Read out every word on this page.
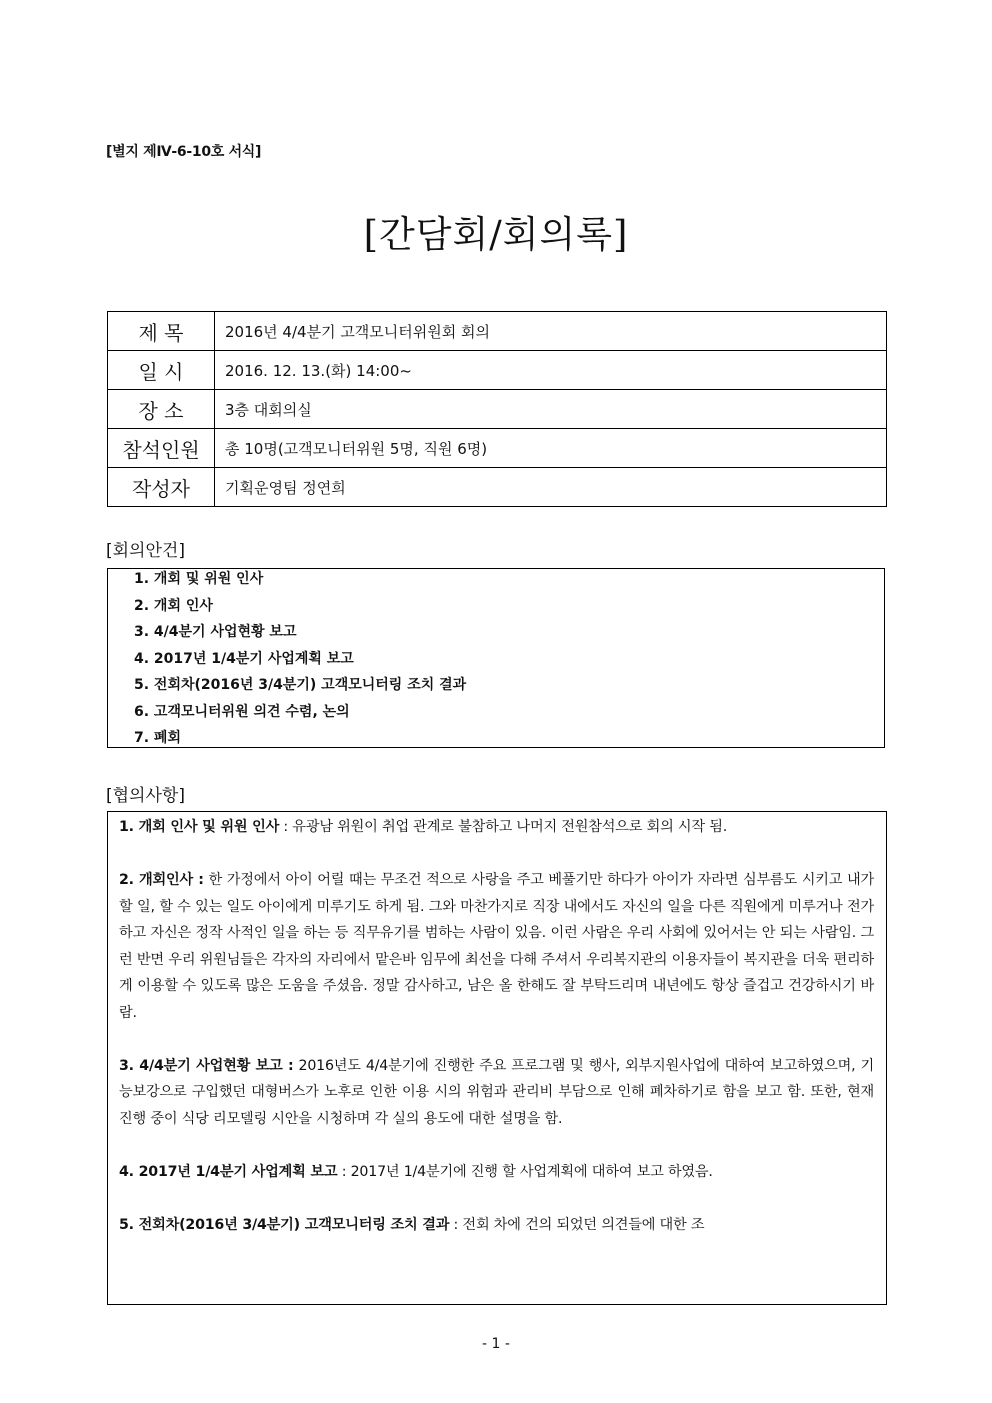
[별지 제Ⅳ-6-10호 서식]
[간담회/회의록]
제 목	2016년 4/4분기 고객모니터위원회 회의
일 시	2016. 12. 13.(화) 14:00~
장 소	3층 대회의실
참석인원	총 10명(고객모니터위원 5명, 직원 6명)
작성자	기획운영팀 정연희
[회의안건]
1. 개회 및 위원 인사
2. 개회 인사
3. 4/4분기 사업현황 보고
4. 2017년 1/4분기 사업계획 보고
5. 전회차(2016년 3/4분기) 고객모니터링 조치 결과
6. 고객모니터위원 의견 수렴, 논의
7. 폐회
[협의사항]

1. 개회 인사 및 위원 인사 : 유광남 위원이 취업 관계로 불참하고 나머지 전원참석으로 회의 시작 됨.

2. 개회인사 : 한 가정에서 아이 어릴 때는 무조건 적으로 사랑을 주고 베풀기만 하다가 아이가 자라면 심부름도 시키고 내가 할 일, 할 수 있는 일도 아이에게 미루기도 하게 됨. 그와 마찬가지로 직장 내에서도 자신의 일을 다른 직원에게 미루거나 전가하고 자신은 정작 사적인 일을 하는 등 직무유기를 범하는 사람이 있음. 이런 사람은 우리 사회에 있어서는 안 되는 사람임. 그런 반면 우리 위원님들은 각자의 자리에서 맡은바 임무에 최선을 다해 주셔서 우리복지관의 이용자들이 복지관을 더욱 편리하게 이용할 수 있도록 많은 도움을 주셨음. 정말 감사하고, 남은 올 한해도 잘 부탁드리며 내년에도 항상 즐겁고 건강하시기 바람.

3. 4/4분기 사업현황 보고 : 2016년도 4/4분기에 진행한 주요 프로그램 및 행사, 외부지원사업에 대하여 보고하였으며, 기능보강으로 구입했던 대형버스가 노후로 인한 이용 시의 위험과 관리비 부담으로 인해 폐차하기로 함을 보고 함. 또한, 현재 진행 중이 식당 리모델링 시안을 시청하며 각 실의 용도에 대한 설명을 함.

4. 2017년 1/4분기 사업계획 보고 : 2017년 1/4분기에 진행 할 사업계획에 대하여 보고 하였음.

5. 전회차(2016년 3/4분기) 고객모니터링 조치 결과 : 전회 차에 건의 되었던 의견들에 대한 조

- 1 -
